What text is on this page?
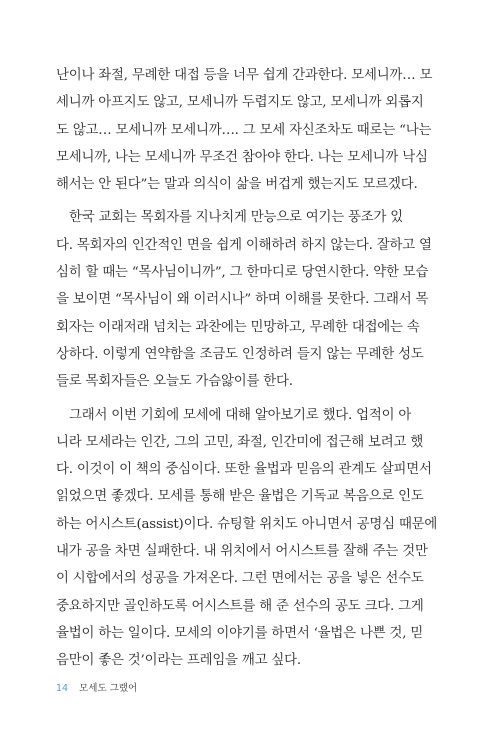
난이나 좌절, 무례한 대접 등을 너무 쉽게 간과한다. 모세니까… 모
세니까 아프지도 않고, 모세니까 두렵지도 않고, 모세니까 외롭지
도 않고… 모세니까 모세니까…. 그 모세 자신조차도 때로는 “나는
모세니까, 나는 모세니까 무조건 참아야 한다. 나는 모세니까 낙심
해서는 안 된다”는 말과 의식이 삶을 버겁게 했는지도 모르겠다.
한국 교회는 목회자를 지나치게 만능으로 여기는 풍조가 있
다. 목회자의 인간적인 면을 쉽게 이해하려 하지 않는다. 잘하고 열
심히 할 때는 “목사님이니까”, 그 한마디로 당연시한다. 약한 모습
을 보이면 “목사님이 왜 이러시나” 하며 이해를 못한다. 그래서 목
회자는 이래저래 넘치는 과찬에는 민망하고, 무례한 대접에는 속
상하다. 이렇게 연약함을 조금도 인정하려 들지 않는 무례한 성도
들로 목회자들은 오늘도 가슴앓이를 한다.
그래서 이번 기회에 모세에 대해 알아보기로 했다. 업적이 아
니라 모세라는 인간, 그의 고민, 좌절, 인간미에 접근해 보려고 했
다. 이것이 이 책의 중심이다. 또한 율법과 믿음의 관계도 살피면서
읽었으면 좋겠다. 모세를 통해 받은 율법은 기독교 복음으로 인도
하는 어시스트(assist)이다. 슈팅할 위치도 아니면서 공명심 때문에
내가 공을 차면 실패한다. 내 위치에서 어시스트를 잘해 주는 것만
이 시합에서의 성공을 가져온다. 그런 면에서는 공을 넣은 선수도
중요하지만 골인하도록 어시스트를 해 준 선수의 공도 크다. 그게
율법이 하는 일이다. 모세의 이야기를 하면서 ‘율법은 나쁜 것, 믿
음만이 좋은 것’이라는 프레임을 깨고 싶다.
14 모세도 그랬어
